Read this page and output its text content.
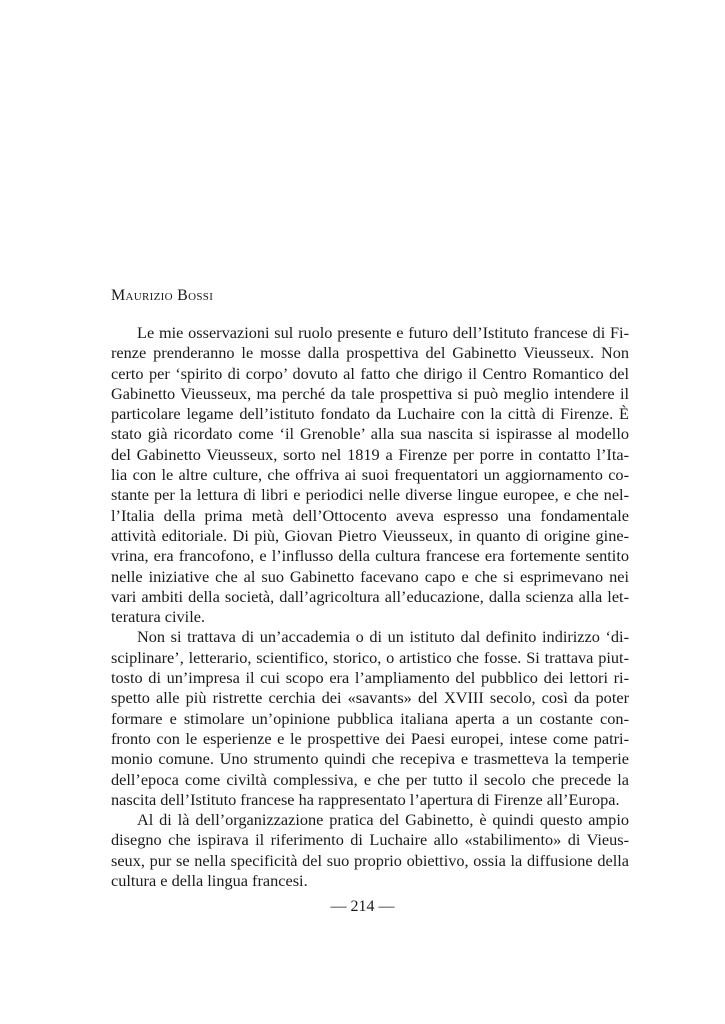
Maurizio Bossi

Le mie osservazioni sul ruolo presente e futuro dell’Istituto francese di Fi-
renze prenderanno le mosse dalla prospettiva del Gabinetto Vieusseux. Non
certo per ‘spirito di corpo’ dovuto al fatto che dirigo il Centro Romantico del
Gabinetto Vieusseux, ma perché da tale prospettiva si può meglio intendere il
particolare legame dell’istituto fondato da Luchaire con la città di Firenze. È
stato già ricordato come ‘il Grenoble’ alla sua nascita si ispirasse al modello
del Gabinetto Vieusseux, sorto nel 1819 a Firenze per porre in contatto l’Ita-
lia con le altre culture, che offriva ai suoi frequentatori un aggiornamento co-
stante per la lettura di libri e periodici nelle diverse lingue europee, e che nel-
l’Italia della prima metà dell’Ottocento aveva espresso una fondamentale
attività editoriale. Di più, Giovan Pietro Vieusseux, in quanto di origine gine-
vrina, era francofono, e l’influsso della cultura francese era fortemente sentito
nelle iniziative che al suo Gabinetto facevano capo e che si esprimevano nei
vari ambiti della società, dall’agricoltura all’educazione, dalla scienza alla let-
teratura civile.

Non si trattava di un’accademia o di un istituto dal definito indirizzo ‘di-
sciplinare’, letterario, scientifico, storico, o artistico che fosse. Si trattava piut-
tosto di un’impresa il cui scopo era l’ampliamento del pubblico dei lettori ri-
spetto alle più ristrette cerchia dei «savants» del XVIII secolo, così da poter
formare e stimolare un’opinione pubblica italiana aperta a un costante con-
fronto con le esperienze e le prospettive dei Paesi europei, intese come patri-
monio comune. Uno strumento quindi che recepiva e trasmetteva la temperie
dell’epoca come civiltà complessiva, e che per tutto il secolo che precede la
nascita dell’Istituto francese ha rappresentato l’apertura di Firenze all’Europa.

Al di là dell’organizzazione pratica del Gabinetto, è quindi questo ampio
disegno che ispirava il riferimento di Luchaire allo «stabilimento» di Vieus-
seux, pur se nella specificità del suo proprio obiettivo, ossia la diffusione della
cultura e della lingua francesi.

— 214 —
